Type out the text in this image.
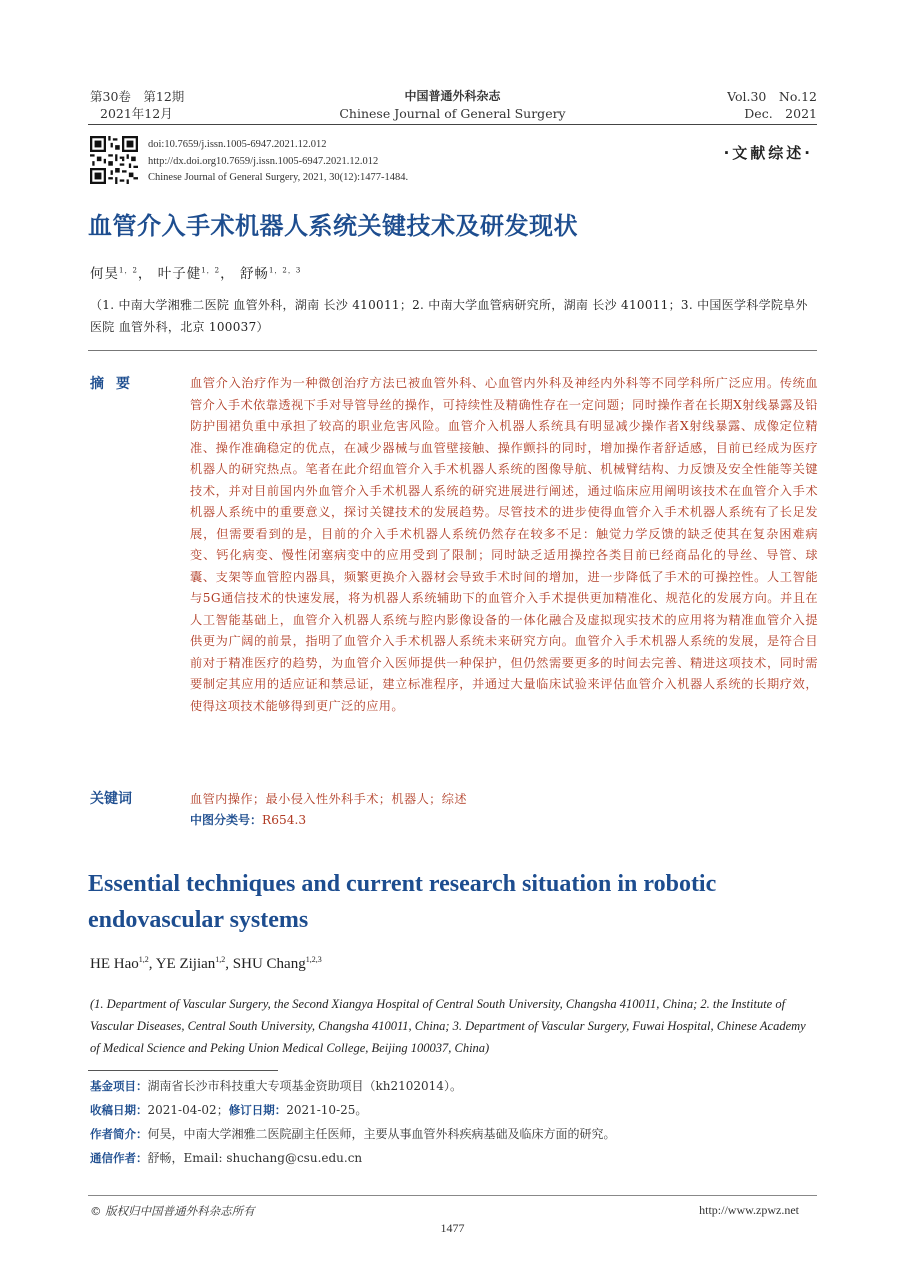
第30卷　第12期
2021年12月
中国普通外科杂志
Chinese Journal of General Surgery
Vol.30　No.12
Dec.　2021
doi:10.7659/j.issn.1005-6947.2021.12.012
http://dx.doi.org10.7659/j.issn.1005-6947.2021.12.012
Chinese Journal of General Surgery, 2021, 30(12):1477-1484.
·文献综述·
血管介入手术机器人系统关键技术及研发现状
何昊$^{1,2}$， 叶子健$^{1,2}$， 舒畅$^{1,2,3}$
（1. 中南大学湘雅二医院 血管外科，湖南 长沙 410011；2. 中南大学血管病研究所，湖南 长沙 410011；3. 中国医学科学院阜外医院 血管外科，北京 100037）
摘要	血管介入治疗作为一种微创治疗方法已被血管外科、心血管内外科及神经内外科等不同学科所广泛应用。传统血管介入手术依靠透视下手对导管导丝的操作，可持续性及精确性存在一定问题；同时操作者在长期X射线暴露及铅防护围裙负重中承担了较高的职业危害风险。血管介入机器人系统具有明显减少操作者X射线暴露、成像定位精准、操作准确稳定的优点，在减少器械与血管壁接触、操作颤抖的同时，增加操作者舒适感，目前已经成为医疗机器人的研究热点。笔者在此介绍血管介入手术机器人系统的图像导航、机械臂结构、力反馈及安全性能等关键技术，并对目前国内外血管介入手术机器人系统的研究进展进行阐述，通过临床应用阐明该技术在血管介入手术机器人系统中的重要意义，探讨关键技术的发展趋势。尽管技术的进步使得血管介入手术机器人系统有了长足发展，但需要看到的是，目前的介入手术机器人系统仍然存在较多不足：触觉力学反馈的缺乏使其在复杂困难病变、钙化病变、慢性闭塞病变中的应用受到了限制；同时缺乏适用操控各类目前已经商品化的导丝、导管、球囊、支架等血管腔内器具，频繁更换介入器材会导致手术时间的增加，进一步降低了手术的可操控性。人工智能与5G通信技术的快速发展，将为机器人系统辅助下的血管介入手术提供更加精准化、规范化的发展方向。并且在人工智能基础上，血管介入机器人系统与腔内影像设备的一体化融合及虚拟现实技术的应用将为精准血管介入提供更为广阔的前景，指明了血管介入手术机器人系统未来研究方向。血管介入手术机器人系统的发展，是符合目前对于精准医疗的趋势，为血管介入医师提供一种保护，但仍然需要更多的时间去完善、精进这项技术，同时需要制定其应用的适应证和禁忌证，建立标准程序，并通过大量临床试验来评估血管介入机器人系统的长期疗效，使得这项技术能够得到更广泛的应用。
关键词	血管内操作；最小侵入性外科手术；机器人；综述
中图分类号：R654.3
Essential techniques and current research situation in robotic endovascular systems
HE Hao$^{1,2}$, YE Zijian$^{1,2}$, SHU Chang$^{1,2,3}$
(1. Department of Vascular Surgery, the Second Xiangya Hospital of Central South University, Changsha 410011, China; 2. the Institute of Vascular Diseases, Central South University, Changsha 410011, China; 3. Department of Vascular Surgery, Fuwai Hospital, Chinese Academy of Medical Science and Peking Union Medical College, Beijing 100037, China)
基金项目：湖南省长沙市科技重大专项基金资助项目（kh2102014）。
收稿日期：2021-04-02；修订日期：2021-10-25。
作者简介：何昊，中南大学湘雅二医院副主任医师，主要从事血管外科疾病基础及临床方面的研究。
通信作者：舒畅，Email: shuchang@csu.edu.cn
© 版权归中国普通外科杂志所有	http://www.zpwz.net
1477
